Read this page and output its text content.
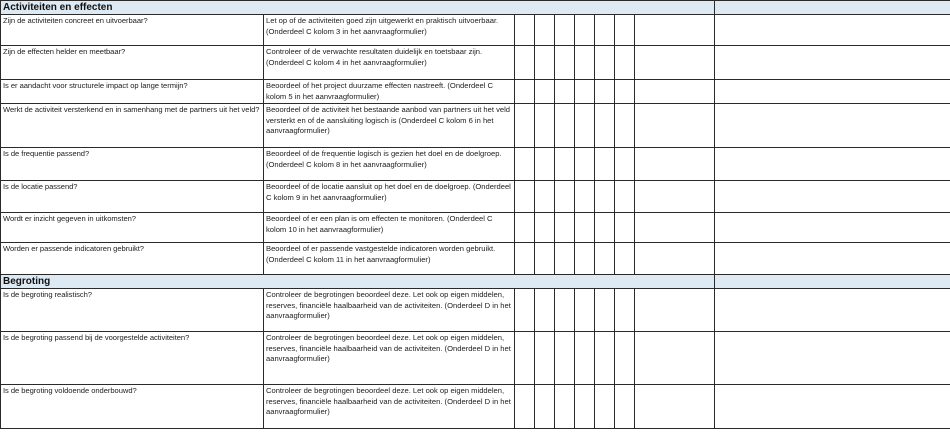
Activiteiten en effecten									
Zijn de activiteiten concreet en uitvoerbaar?	Let op of de activiteiten goed zijn uitgewerkt en praktisch uitvoerbaar. (Onderdeel C kolom 3 in het aanvraagformulier)								
Zijn de effecten helder en meetbaar?	Controleer of de verwachte resultaten duidelijk en toetsbaar zijn. (Onderdeel C kolom 4 in het aanvraagformulier)								
Is er aandacht voor structurele impact op lange termijn?	Beoordeel of het project duurzame effecten nastreeft. (Onderdeel C kolom 5 in het aanvraagformulier)								
Werkt de activiteit versterkend en in samenhang met de partners uit het veld?	Beoordeel of de activiteit het bestaande aanbod van partners uit het veld versterkt en of de aansluiting logisch is (Onderdeel C kolom 6 in het aanvraagformulier)								
Is de frequentie passend?	Beoordeel of de frequentie logisch is gezien het doel en de doelgroep. (Onderdeel C kolom 8 in het aanvraagformulier)								
Is de locatie passend?	Beoordeel of de locatie aansluit op het doel en de doelgroep. (Onderdeel C kolom 9 in het aanvraagformulier)								
Wordt er inzicht gegeven in uitkomsten?	Beoordeel of er een plan is om effecten te monitoren. (Onderdeel C kolom 10 in het aanvraagformulier)								
Worden er passende indicatoren gebruikt?	Beoordeel of er passende vastgestelde indicatoren worden gebruikt. (Onderdeel C kolom 11 in het aanvraagformulier)								
Begroting									
Is de begroting realistisch?	Controleer de begrotingen beoordeel deze. Let ook op eigen middelen, reserves, financiële haalbaarheid van de activiteiten. (Onderdeel D in het aanvraagformulier)								
Is de begroting passend bij de voorgestelde activiteiten?	Controleer de begrotingen beoordeel deze. Let ook op eigen middelen, reserves, financiële haalbaarheid van de activiteiten. (Onderdeel D in het aanvraagformulier)								
Is de begroting voldoende onderbouwd?	Controleer de begrotingen beoordeel deze. Let ook op eigen middelen, reserves, financiële haalbaarheid van de activiteiten. (Onderdeel D in het aanvraagformulier)								
